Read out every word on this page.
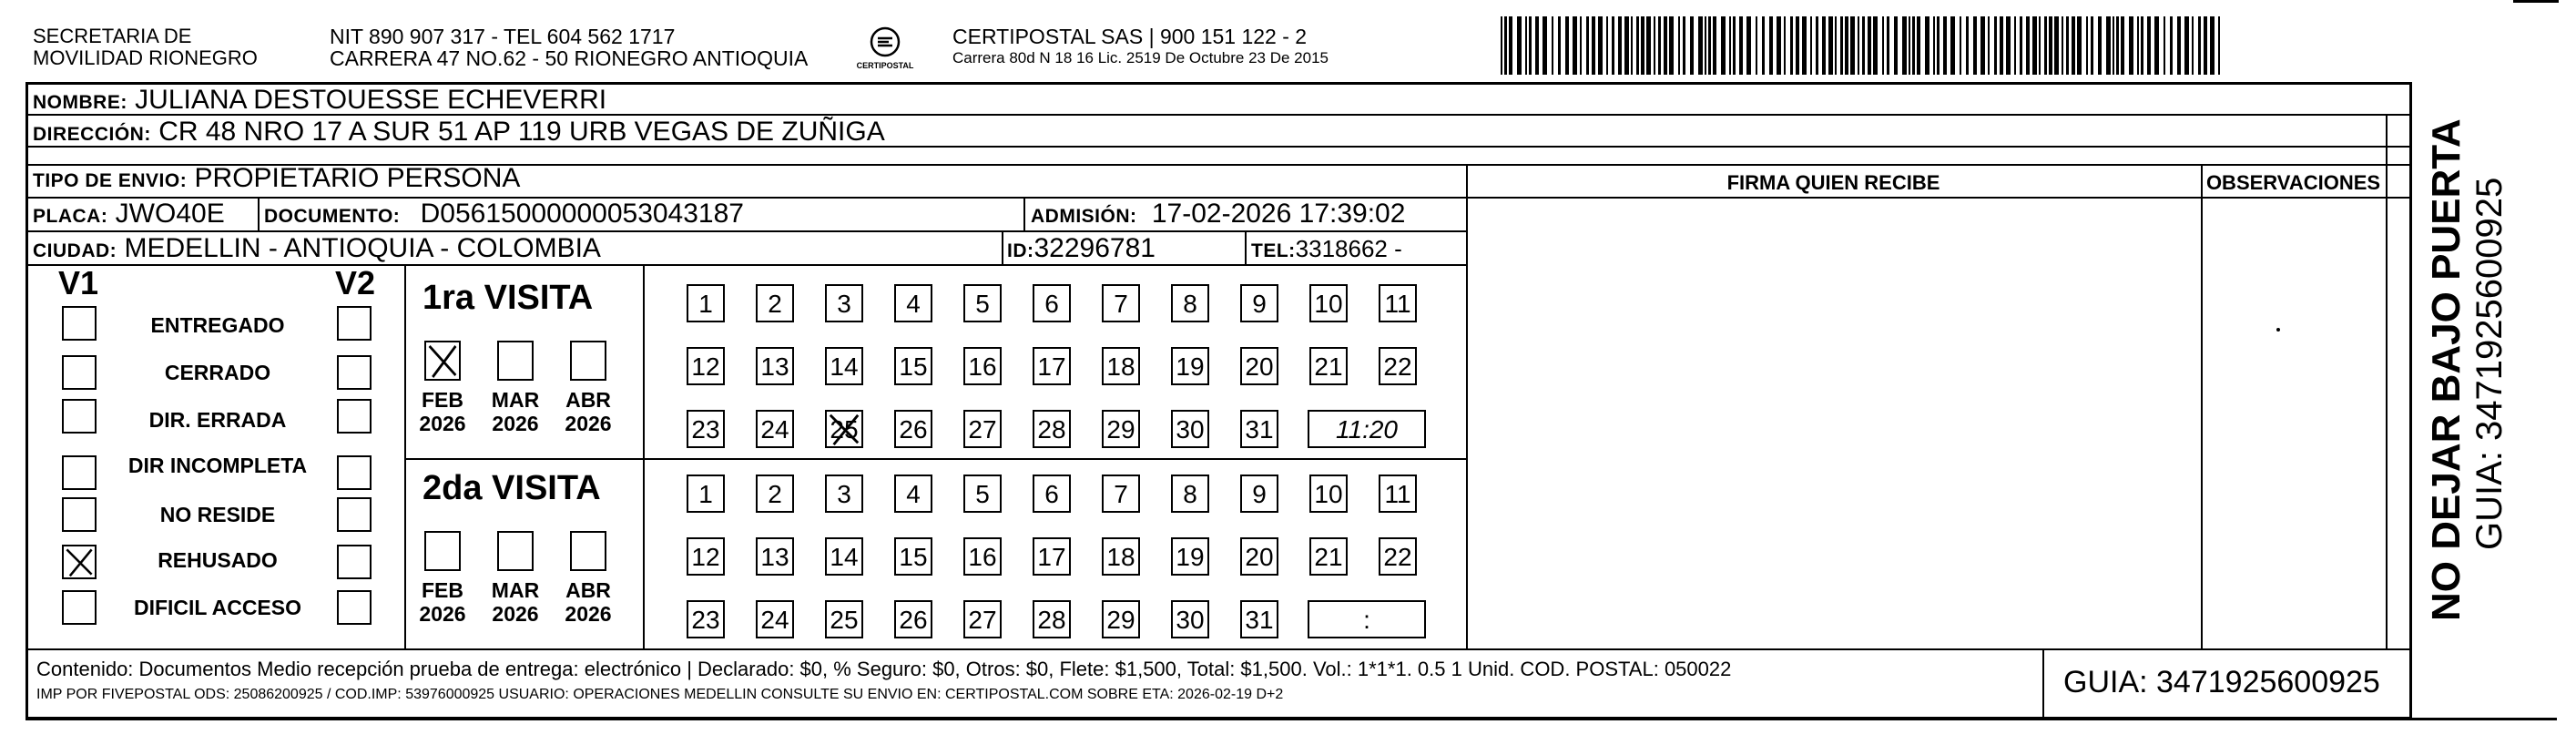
SECRETARIA DE
MOVILIDAD RIONEGRO
NIT 890 907 317 - TEL 604 562 1717
CARRERA 47 NO.62 - 50 RIONEGRO ANTIOQUIA	CERTIPOSTAL
CERTIPOSTAL SAS | 900 151 122 - 2
Carrera 80d N 18 16 Lic. 2519 De Octubre 23 De 2015
NOMBRE: JULIANA DESTOUESSE ECHEVERRI
DIRECCIÓN: CR 48 NRO 17 A SUR 51 AP 119 URB VEGAS DE ZUÑIGA
TIPO DE ENVIO: PROPIETARIO PERSONA
PLACA: JWO40E DOCUMENTO: D056150000000530431​87	ADMISIÓN: 17-02-2026 17:39:02
CIUDAD: MEDELLIN - ANTIOQUIA - COLOMBIA	ID:32296781	TEL:3318662 -
FIRMA QUIEN RECIBE	OBSERVACIONES
V1	V2
ENTREGADO
CERRADO
DIR. ERRADA
DIR INCOMPLETA
NO RESIDE
REHUSADO
DIFICIL ACCESO
1ra VISITA
FEB
2026
MAR
2026
ABR
2026
1	2	3	4	5	6	7	8	9	10 11
12 13 14 15 16 17 18 19 20 21 22
23 24 25 26 27 28 29 30 31	11:20
2da VISITA
FEB
2026
MAR
2026
ABR
2026
1	2	3	4	5	6	7	8	9	10 11
12 13 14 15 16 17 18 19 20 21 22
23 24 25 26 27 28 29 30 31	:	NO DEJAR BAJO PUERTA GUIA: 3471925600925
Contenido: Documentos Medio recepción prueba de entrega: electrónico | Declarado: $0, % Seguro: $0, Otros: $0, Flete: $1,500, Total: $1,500. Vol.: 1*1*1. 0.5 1 Unid. COD. POSTAL: 050022
IMP POR FIVEPOSTAL ODS: 25086200925 / COD.IMP: 53976000925 USUARIO: OPERACIONES MEDELLIN CONSULTE SU ENVIO EN: CERTIPOSTAL.COM SOBRE ETA: 2026-02-19 D+2	GUIA: 3471925600925
